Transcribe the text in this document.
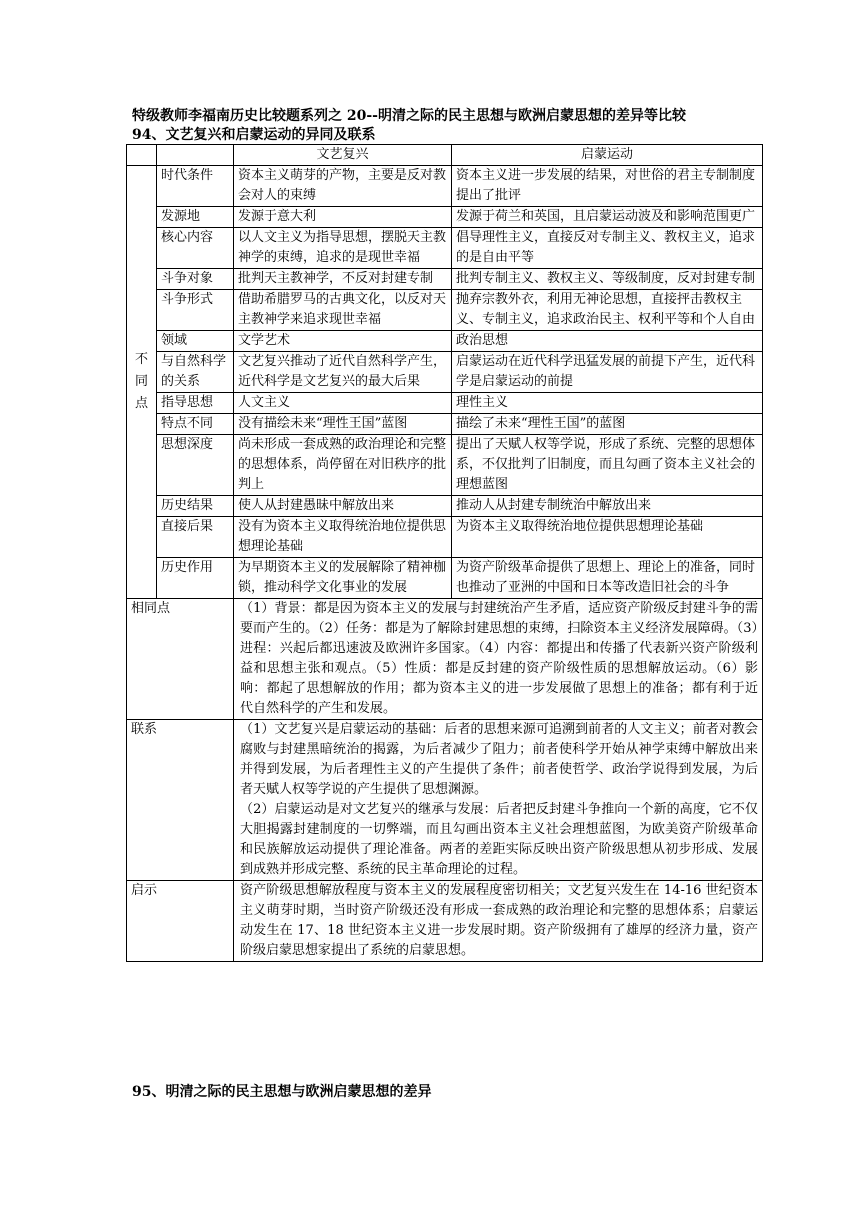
特级教师李福南历史比较题系列之 20--明清之际的民主思想与欧洲启蒙思想的差异等比较
94、文艺复兴和启蒙运动的异同及联系
		文艺复兴	启蒙运动
不同点	时代条件	资本主义萌芽的产物，主要是反对教会对人的束缚	资本主义进一步发展的结果，对世俗的君主专制制度提出了批评
	发源地	发源于意大利	发源于荷兰和英国，且启蒙运动波及和影响范围更广
	核心内容	以人文主义为指导思想，摆脱天主教神学的束缚，追求的是现世幸福	倡导理性主义，直接反对专制主义、教权主义，追求的是自由平等
	斗争对象	批判天主教神学，不反对封建专制	批判专制主义、教权主义、等级制度，反对封建专制
	斗争形式	借助希腊罗马的古典文化，以反对天主教神学来追求现世幸福	抛弃宗教外衣，利用无神论思想，直接抨击教权主义、专制主义，追求政治民主、权利平等和个人自由
	领域	文学艺术	政治思想
	与自然科学的关系	文艺复兴推动了近代自然科学产生，近代科学是文艺复兴的最大后果	启蒙运动在近代科学迅猛发展的前提下产生，近代科学是启蒙运动的前提
	指导思想	人文主义	理性主义
	特点不同	没有描绘未来“理性王国”蓝图	描绘了未来“理性王国”的蓝图
	思想深度	尚未形成一套成熟的政治理论和完整的思想体系，尚停留在对旧秩序的批判上	提出了天赋人权等学说，形成了系统、完整的思想体系，不仅批判了旧制度，而且勾画了资本主义社会的理想蓝图
	历史结果	使人从封建愚昧中解放出来	推动人从封建专制统治中解放出来
	直接后果	没有为资本主义取得统治地位提供思想理论基础	为资本主义取得统治地位提供思想理论基础
	历史作用	为早期资本主义的发展解除了精神枷锁，推动科学文化事业的发展	为资产阶级革命提供了思想上、理论上的准备，同时也推动了亚洲的中国和日本等改造旧社会的斗争
相同点		（1）背景：都是因为资本主义的发展与封建统治产生矛盾，适应资产阶级反封建斗争的需要而产生的。（2）任务：都是为了解除封建思想的束缚，扫除资本主义经济发展障碍。（3）进程：兴起后都迅速波及欧洲许多国家。（4）内容：都提出和传播了代表新兴资产阶级利益和思想主张和观点。（5）性质：都是反封建的资产阶级性质的思想解放运动。（6）影响：都起了思想解放的作用；都为资本主义的进一步发展做了思想上的准备；都有利于近代自然科学的产生和发展。	
联系		（1）文艺复兴是启蒙运动的基础：后者的思想来源可追溯到前者的人文主义；前者对教会腐败与封建黑暗统治的揭露，为后者减少了阻力；前者使科学开始从神学束缚中解放出来并得到发展，为后者理性主义的产生提供了条件；前者使哲学、政治学说得到发展，为后者天赋人权等学说的产生提供了思想渊源。
（2）启蒙运动是对文艺复兴的继承与发展：后者把反封建斗争推向一个新的高度，它不仅大胆揭露封建制度的一切弊端，而且勾画出资本主义社会理想蓝图，为欧美资产阶级革命和民族解放运动提供了理论准备。两者的差距实际反映出资产阶级思想从初步形成、发展到成熟并形成完整、系统的民主革命理论的过程。	

启示		资产阶级思想解放程度与资本主义的发展程度密切相关；文艺复兴发生在 14-16 世纪资本主义萌芽时期，当时资产阶级还没有形成一套成熟的政治理论和完整的思想体系；启蒙运动发生在 17、18 世纪资本主义进一步发展时期。资产阶级拥有了雄厚的经济力量，资产阶级启蒙思想家提出了系统的启蒙思想。	
95、明清之际的民主思想与欧洲启蒙思想的差异
